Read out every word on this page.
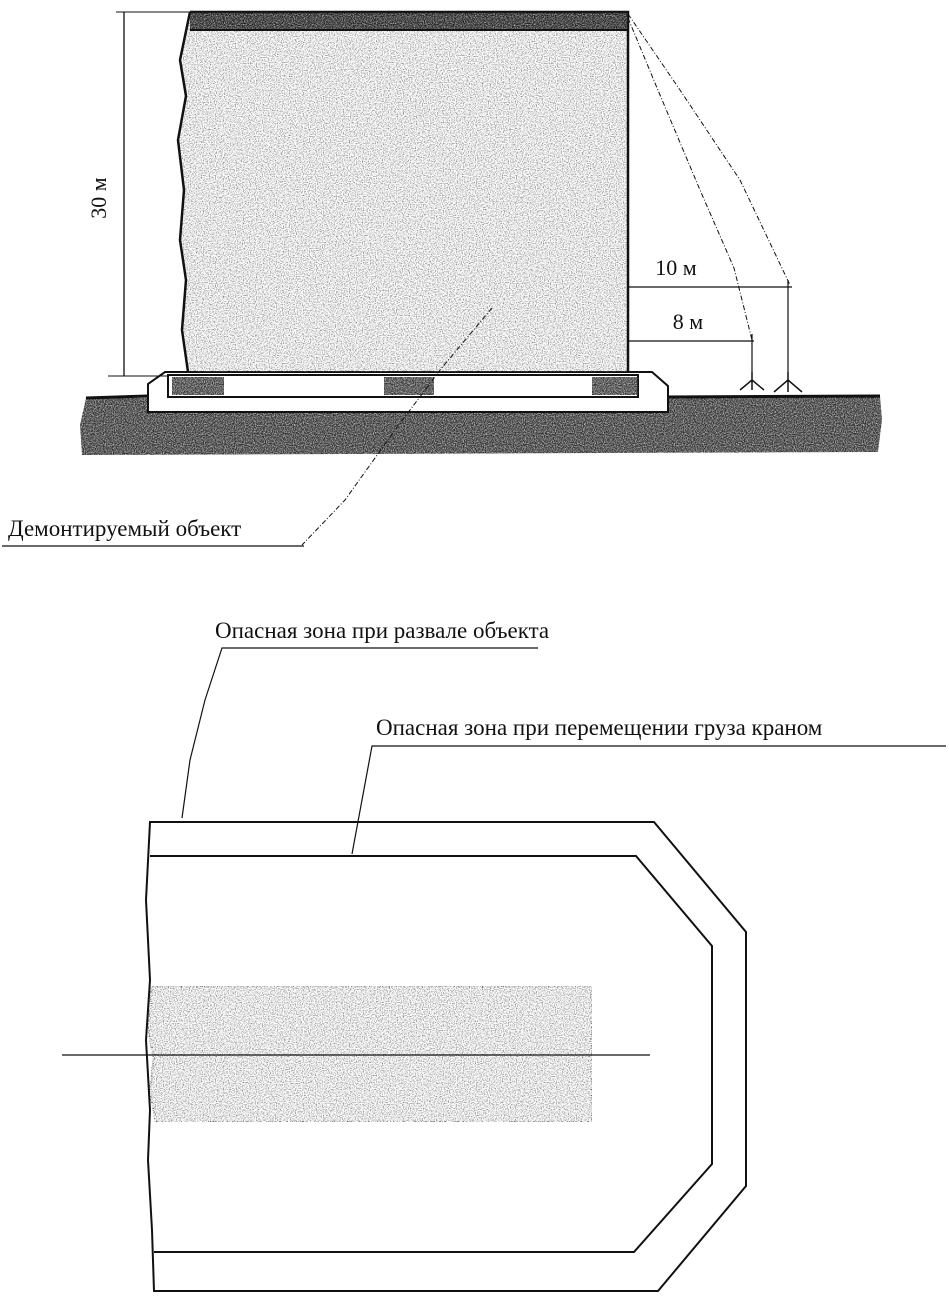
30 м
10 м
8 м
Демонтируемый объект
Опасная зона при развале объекта
Опасная зона при перемещении груза краном
